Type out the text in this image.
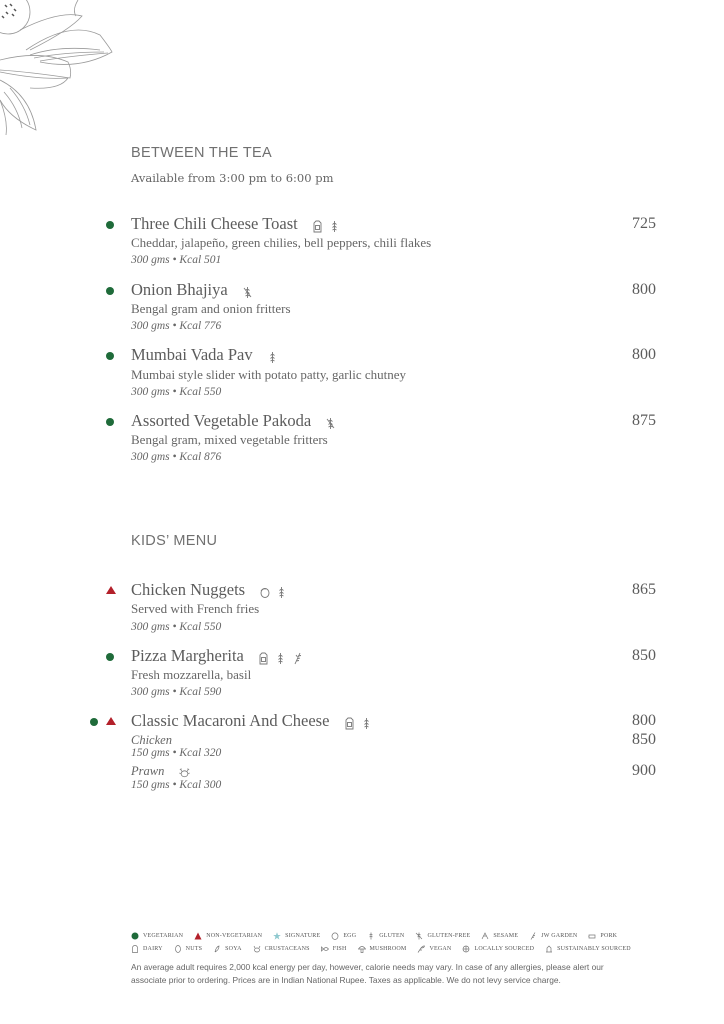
BETWEEN THE TEA
Available from 3:00 pm to 6:00 pm
Three Chili Cheese Toast
Cheddar, jalapeño, green chilies, bell peppers, chili flakes
300 gms • Kcal 501
725
Onion Bhajiya
Bengal gram and onion fritters
300 gms • Kcal 776
800
Mumbai Vada Pav
Mumbai style slider with potato patty, garlic chutney
300 gms • Kcal 550
800
Assorted Vegetable Pakoda
Bengal gram, mixed vegetable fritters
300 gms • Kcal 876
875
KIDS’ MENU
Chicken Nuggets
Served with French fries
300 gms • Kcal 550
865
Pizza Margherita
Fresh mozzarella, basil
300 gms • Kcal 590
850
Classic Macaroni And Cheese	800
Chicken
150 gms • Kcal 320
850
Prawn
150 gms • Kcal 300
900
VEGETARIAN	NON-VEGETARIAN	SIGNATURE	EGG	GLUTEN	GLUTEN-FREE	SESAME	JW GARDEN	PORK
DAIRY	NUTS	SOYA	CRUSTACEANS	FISH	MUSHROOM	VEGAN	LOCALLY SOURCED	SUSTAINABLY SOURCED
An average adult requires 2,000 kcal energy per day, however, calorie needs may vary. In case of any allergies, please alert our associate prior to ordering. Prices are in Indian National Rupee. Taxes as applicable. We do not levy service charge.
